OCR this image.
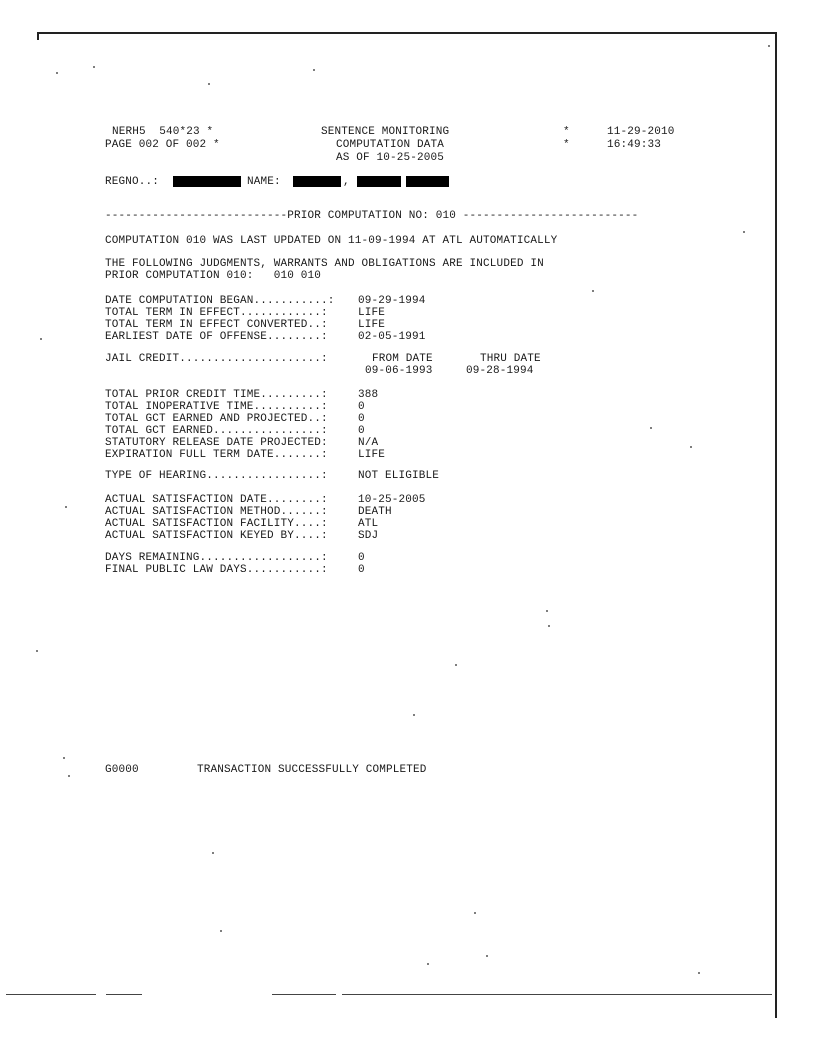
NERH5  540*23 *
PAGE 002 OF 002 *
SENTENCE MONITORING
COMPUTATION DATA
AS OF 10-25-2005
*
*
11-29-2010
16:49:33
REGNO..:	NAME:	,
---------------------------PRIOR COMPUTATION NO: 010 --------------------------
COMPUTATION 010 WAS LAST UPDATED ON 11-09-1994 AT ATL AUTOMATICALLY
THE FOLLOWING JUDGMENTS, WARRANTS AND OBLIGATIONS ARE INCLUDED IN
PRIOR COMPUTATION 010:   010 010
DATE COMPUTATION BEGAN...........: 09-29-1994
TOTAL TERM IN EFFECT............:	LIFE
TOTAL TERM IN EFFECT CONVERTED..:	LIFE
EARLIEST DATE OF OFFENSE........:	02-05-1991
JAIL CREDIT.....................:	FROM DATE	THRU DATE
09-06-1993	09-28-1994
TOTAL PRIOR CREDIT TIME.........:	388
TOTAL INOPERATIVE TIME..........:	0
TOTAL GCT EARNED AND PROJECTED..:	0
TOTAL GCT EARNED................:	0
STATUTORY RELEASE DATE PROJECTED:	N/A
EXPIRATION FULL TERM DATE.......:	LIFE
TYPE OF HEARING.................:	NOT ELIGIBLE
ACTUAL SATISFACTION DATE........:	10-25-2005
ACTUAL SATISFACTION METHOD......:	DEATH
ACTUAL SATISFACTION FACILITY....:	ATL
ACTUAL SATISFACTION KEYED BY....:	SDJ
DAYS REMAINING..................:	0
FINAL PUBLIC LAW DAYS...........:	0
G0000	TRANSACTION SUCCESSFULLY COMPLETED
